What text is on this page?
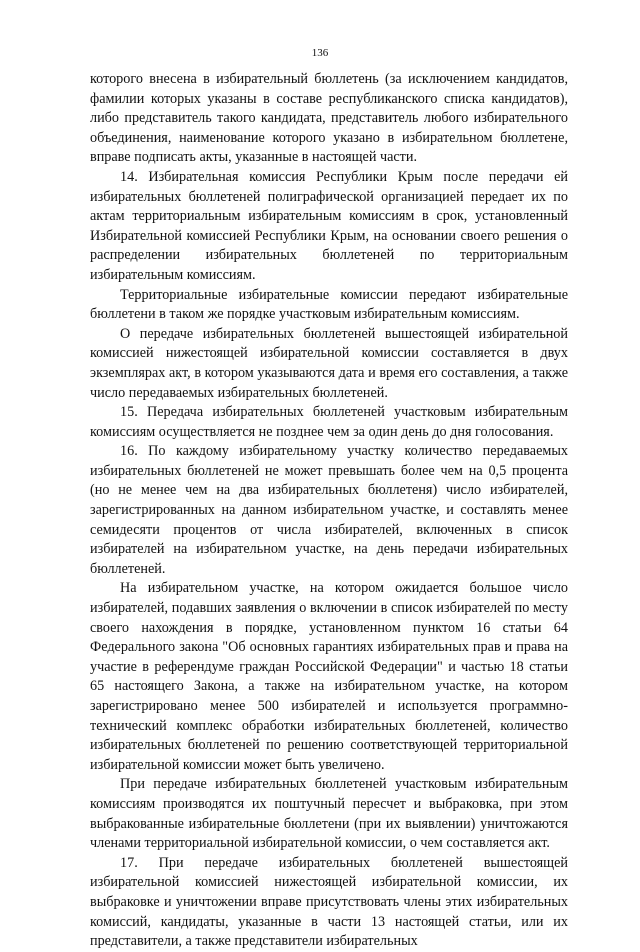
136

которого внесена в избирательный бюллетень (за исключением кандидатов, фамилии которых указаны в составе республиканского списка кандидатов), либо представитель такого кандидата, представитель любого избирательного объединения, наименование которого указано в избирательном бюллетене, вправе подписать акты, указанные в настоящей части.

14. Избирательная комиссия Республики Крым после передачи ей избирательных бюллетеней полиграфической организацией передает их по актам территориальным избирательным комиссиям в срок, установленный Избирательной комиссией Республики Крым, на основании своего решения о распределении избирательных бюллетеней по территориальным избирательным комиссиям.

Территориальные избирательные комиссии передают избирательные бюллетени в таком же порядке участковым избирательным комиссиям.

О передаче избирательных бюллетеней вышестоящей избирательной комиссией нижестоящей избирательной комиссии составляется в двух экземплярах акт, в котором указываются дата и время его составления, а также число передаваемых избирательных бюллетеней.

15. Передача избирательных бюллетеней участковым избирательным комиссиям осуществляется не позднее чем за один день до дня голосования.

16. По каждому избирательному участку количество передаваемых избирательных бюллетеней не может превышать более чем на 0,5 процента (но не менее чем на два избирательных бюллетеня) число избирателей, зарегистрированных на данном избирательном участке, и составлять менее семидесяти процентов от числа избирателей, включенных в список избирателей на избирательном участке, на день передачи избирательных бюллетеней.

На избирательном участке, на котором ожидается большое число избирателей, подавших заявления о включении в список избирателей по месту своего нахождения в порядке, установленном пунктом 16 статьи 64 Федерального закона "Об основных гарантиях избирательных прав и права на участие в референдуме граждан Российской Федерации" и частью 18 статьи 65 настоящего Закона, а также на избирательном участке, на котором зарегистрировано менее 500 избирателей и используется программно-технический комплекс обработки избирательных бюллетеней, количество избирательных бюллетеней по решению соответствующей территориальной избирательной комиссии может быть увеличено.

При передаче избирательных бюллетеней участковым избирательным комиссиям производятся их поштучный пересчет и выбраковка, при этом выбракованные избирательные бюллетени (при их выявлении) уничтожаются членами территориальной избирательной комиссии, о чем составляется акт.

17. При передаче избирательных бюллетеней вышестоящей избирательной комиссией нижестоящей избирательной комиссии, их выбраковке и уничтожении вправе присутствовать члены этих избирательных комиссий, кандидаты, указанные в части 13 настоящей статьи, или их представители, а также представители избирательных
